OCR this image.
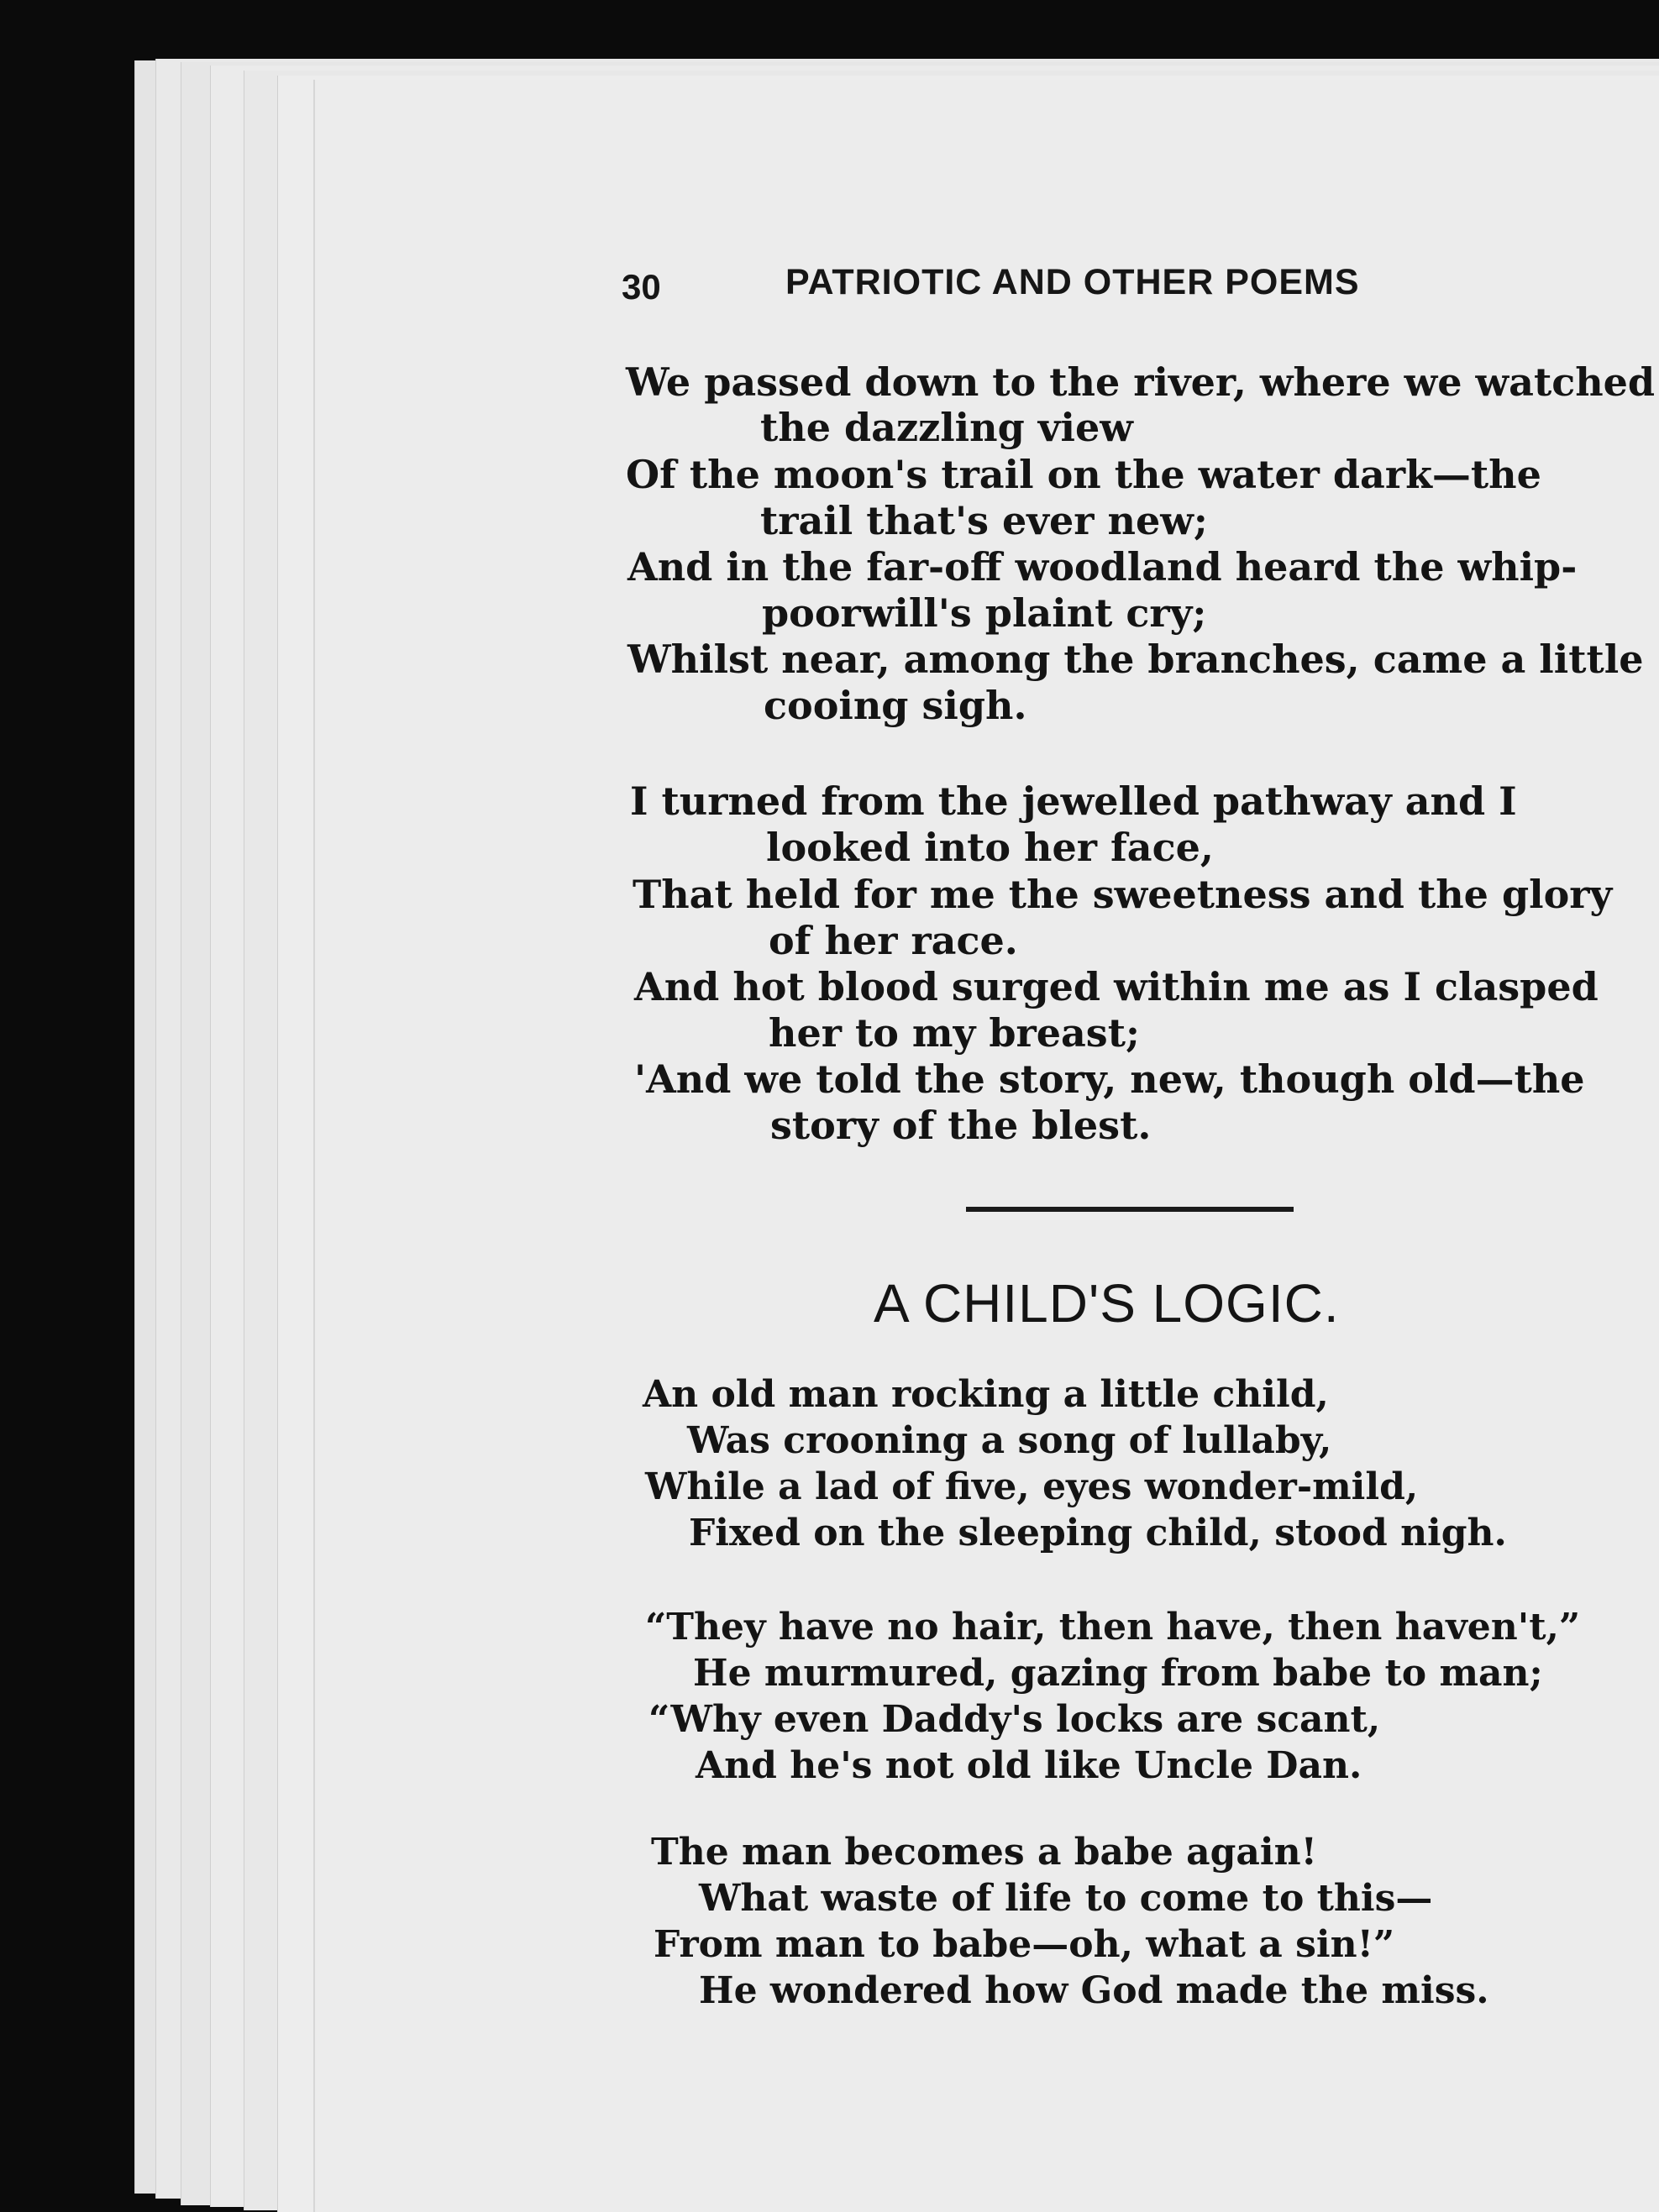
30	PATRIOTIC AND OTHER POEMS
We passed down to the river, where we watched
the dazzling view
Of the moon's trail on the water dark—the
trail that's ever new;
And in the far-off woodland heard the whip-
poorwill's plaint cry;
Whilst near, among the branches, came a little
cooing sigh.
I turned from the jewelled pathway and I
looked into her face,
That held for me the sweetness and the glory
of her race.
And hot blood surged within me as I clasped
her to my breast;
'And we told the story, new, though old—the
story of the blest.
A CHILD'S LOGIC.
An old man rocking a little child,
Was crooning a song of lullaby,
While a lad of five, eyes wonder-mild,
Fixed on the sleeping child, stood nigh.
“They have no hair, then have, then haven't,”
He murmured, gazing from babe to man;
“Why even Daddy's locks are scant,
And he's not old like Uncle Dan.
The man becomes a babe again!
What waste of life to come to this—
From man to babe—oh, what a sin!”
He wondered how God made the miss.
